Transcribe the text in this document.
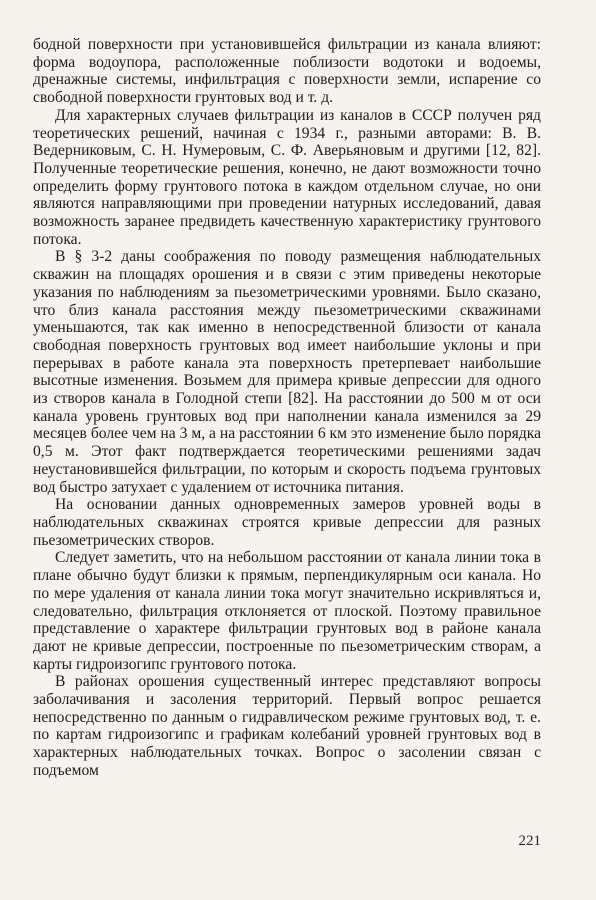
бодной поверхности при установившейся фильтрации из канала влияют: форма водоупора, расположенные поблизости водотоки и водоемы, дренажные системы, инфильтрация с поверхности земли, испарение со свободной поверхности грунтовых вод и т. д.

Для характерных случаев фильтрации из каналов в СССР получен ряд теоретических решений, начиная с 1934 г., разными авторами: В. В. Ведерниковым, С. Н. Нумеровым, С. Ф. Аверьяновым и другими [12, 82]. Полученные теоретические решения, конечно, не дают возможности точно определить форму грунтового потока в каждом отдельном случае, но они являются направляющими при проведении натурных исследований, давая возможность заранее предвидеть качественную характеристику грунтового потока.

В § 3-2 даны соображения по поводу размещения наблюдательных скважин на площадях орошения и в связи с этим приведены некоторые указания по наблюдениям за пьезометрическими уровнями. Было сказано, что близ канала расстояния между пьезометрическими скважинами уменьшаются, так как именно в непосредственной близости от канала свободная поверхность грунтовых вод имеет наибольшие уклоны и при перерывах в работе канала эта поверхность претерпевает наибольшие высотные изменения. Возьмем для примера кривые депрессии для одного из створов канала в Голодной степи [82]. На расстоянии до 500 м от оси канала уровень грунтовых вод при наполнении канала изменился за 29 месяцев более чем на 3 м, а на расстоянии 6 км это изменение было порядка 0,5 м. Этот факт подтверждается теоретическими решениями задач неустановившейся фильтрации, по которым и скорость подъема грунтовых вод быстро затухает с удалением от источника питания.

На основании данных одновременных замеров уровней воды в наблюдательных скважинах строятся кривые депрессии для разных пьезометрических створов.

Следует заметить, что на небольшом расстоянии от канала линии тока в плане обычно будут близки к прямым, перпендикулярным оси канала. Но по мере удаления от канала линии тока могут значительно искривляться и, следовательно, фильтрация отклоняется от плоской. Поэтому правильное представление о характере фильтрации грунтовых вод в районе канала дают не кривые депрессии, построенные по пьезометрическим створам, а карты гидроизогипс грунтового потока.

В районах орошения существенный интерес представляют вопросы заболачивания и засоления территорий. Первый вопрос решается непосредственно по данным о гидравлическом режиме грунтовых вод, т. е. по картам гидроизогипс и графикам колебаний уровней грунтовых вод в характерных наблюдательных точках. Вопрос о засолении связан с подъемом

221
